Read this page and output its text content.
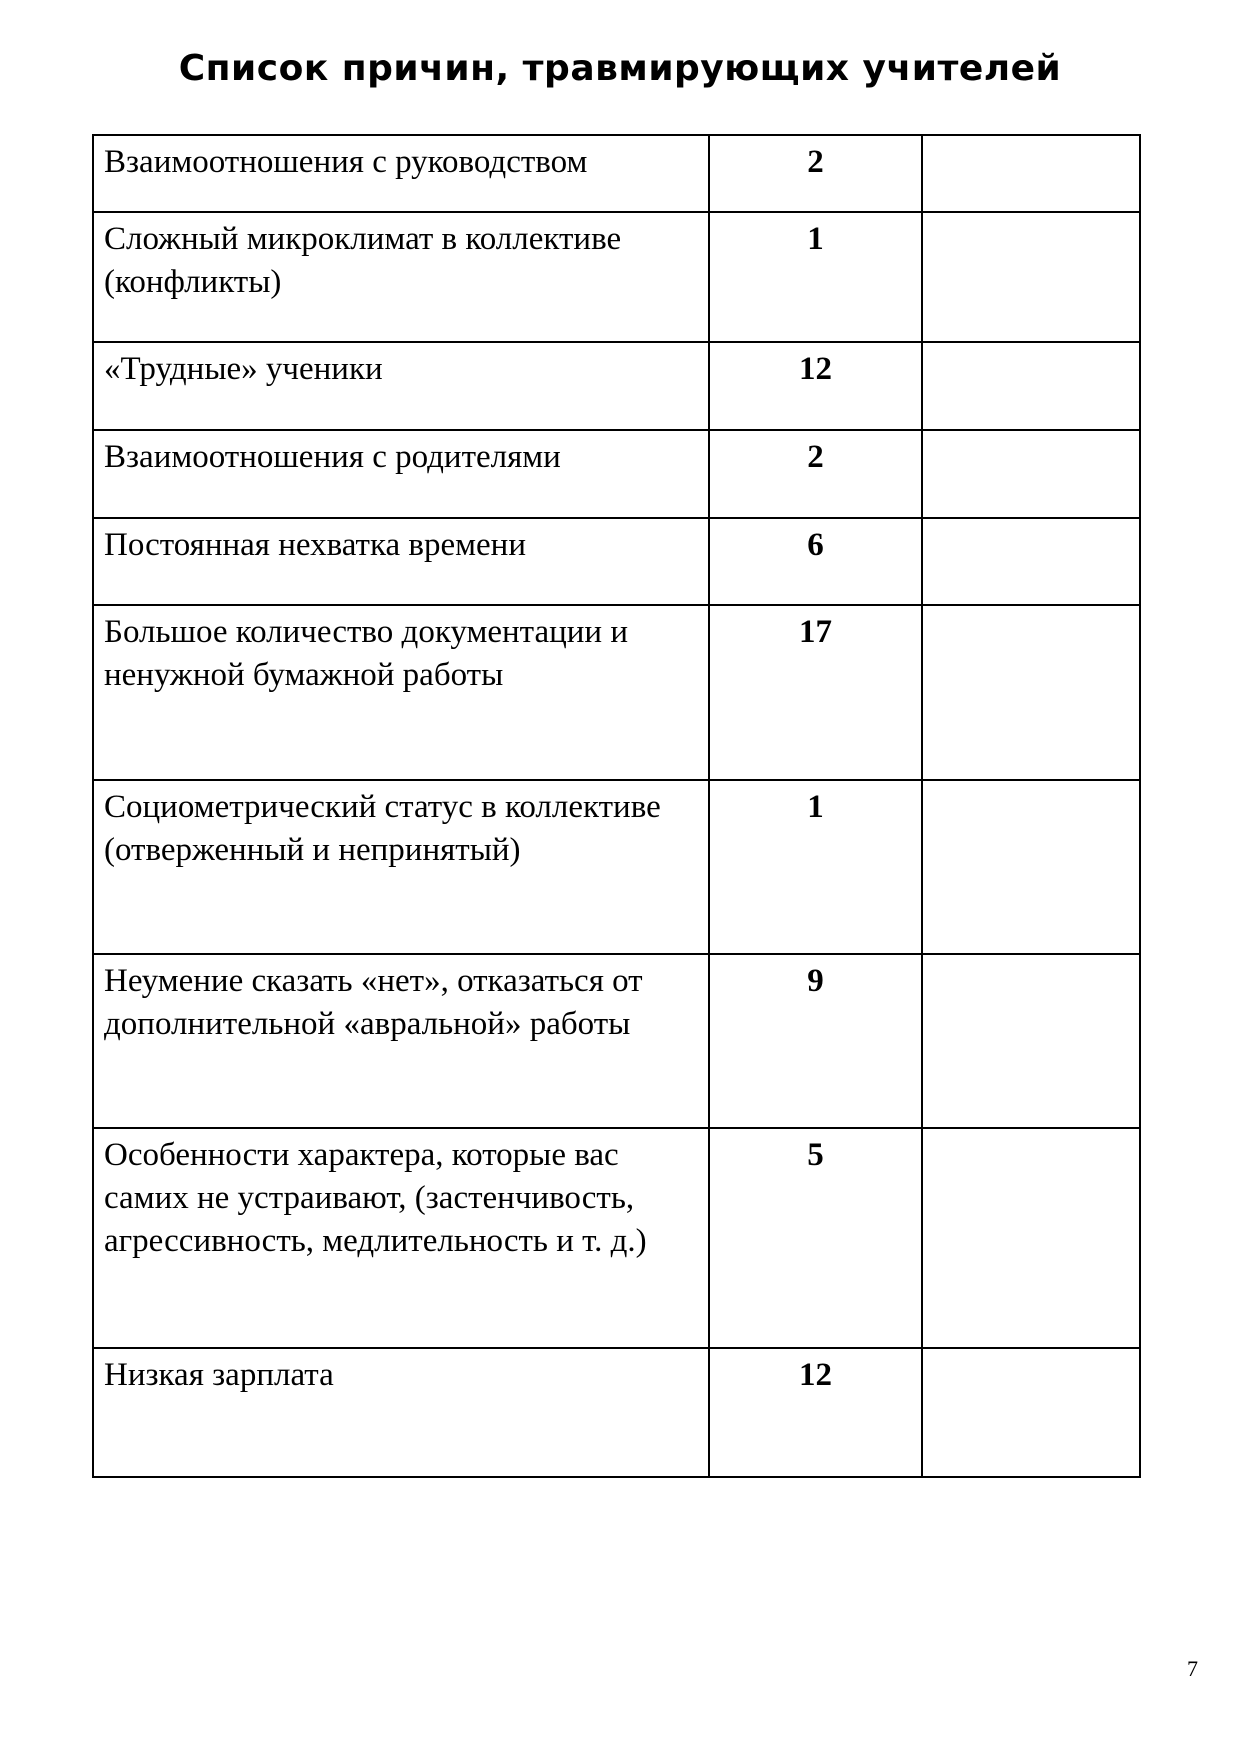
Список причин, травмирующих учителей
Взаимоотношения с руководством	2	
Сложный микроклимат в коллективе (конфликты)	1	
«Трудные» ученики	12	
Взаимоотношения с родителями	2	
Постоянная нехватка времени	6	
Большое количество документации и ненужной бумажной работы	17	
Социометрический статус в коллективе (отверженный и непринятый)	1	
Неумение сказать «нет», отказаться от дополнительной «авральной» работы	9	
Особенности характера, которые вас самих не устраивают, (застенчивость, агрессивность, медлительность и т. д.)	5	
Низкая зарплата	12	
7
